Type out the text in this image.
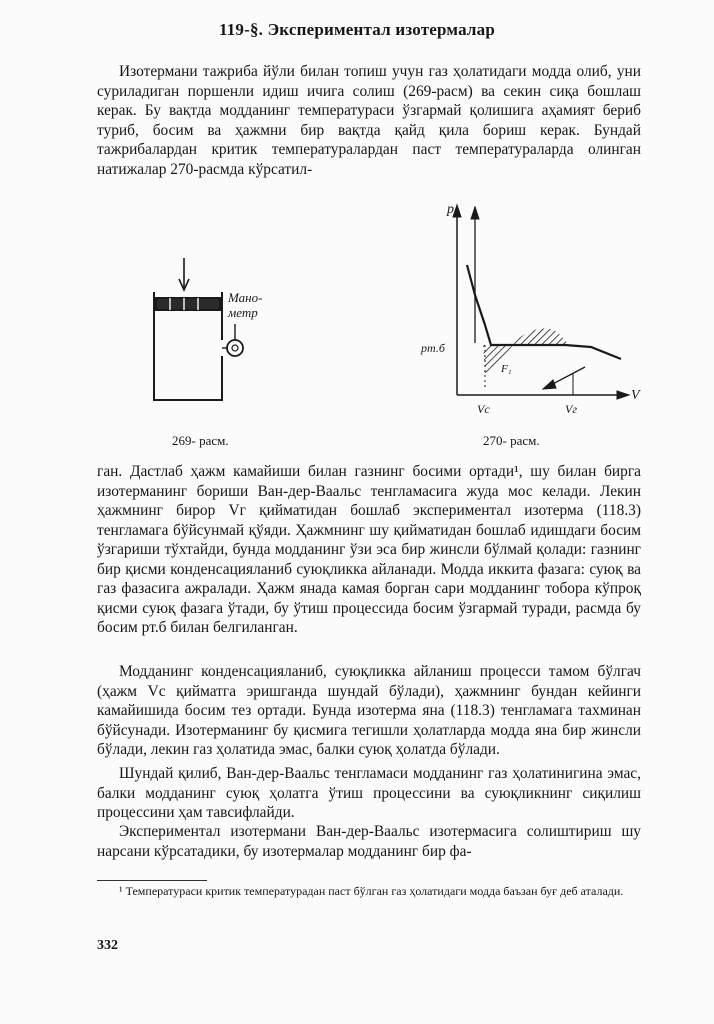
119-§. Экспериментал изотермалар

Изотермани тажриба йўли билан топиш учун газ ҳолатидаги модда олиб, уни суриладиган поршенли идиш ичига солиш (269-расм) ва секин сиқа бошлаш керак. Бу вақтда модданинг температураси ўзгармай қолишига аҳамият бериб туриб, босим ва ҳажмни бир вақтда қайд қила бориш керак. Бундай тажрибалардан критик температуралардан паст температураларда олинган натижалар 270-расмда кўрсатил-

Мано-
метр
269- расм.
p
V
pт.б
F₁
Vс	Vг
270- расм.

ган. Дастлаб ҳажм камайиши билан газнинг босими ортади¹, шу билан бирга изотерманинг бориши Ван-дер-Ваальс тенгламасига жуда мос келади. Лекин ҳажмнинг бирор Vг қийматидан бошлаб экспериментал изотерма (118.3) тенгламага бўйсунмай қўяди. Ҳажмнинг шу қийматидан бошлаб идишдаги босим ўзгариши тўхтайди, бунда модданинг ўзи эса бир жинсли бўлмай қолади: газнинг бир қисми конденсацияланиб суюқликка айланади. Модда иккита фазага: суюқ ва газ фазасига ажралади. Ҳажм янада камая борган сари модданинг тобора кўпроқ қисми суюқ фазага ўтади, бу ўтиш процессида босим ўзгармай туради, расмда бу босим pт.б билан белгиланган.

Модданинг конденсацияланиб, суюқликка айланиш процесси тамом бўлгач (ҳажм Vс қийматга эришганда шундай бўлади), ҳажмнинг бундан кейинги камайишида босим тез ортади. Бунда изотерма яна (118.3) тенгламага тахминан бўйсунади. Изотерманинг бу қисмига тегишли ҳолатларда модда яна бир жинсли бўлади, лекин газ ҳолатида эмас, балки суюқ ҳолатда бўлади.

Шундай қилиб, Ван-дер-Ваальс тенгламаси модданинг газ ҳолатинигина эмас, балки модданинг суюқ ҳолатга ўтиш процессини ва суюқликнинг сиқилиш процессини ҳам тавсифлайди.

Экспериментал изотермани Ван-дер-Ваальс изотермасига солиштириш шу нарсани кўрсатадики, бу изотермалар модданинг бир фа-

¹ Температураси критик температурадан паст бўлган газ ҳолатидаги модда баъзан буғ деб аталади.

332
